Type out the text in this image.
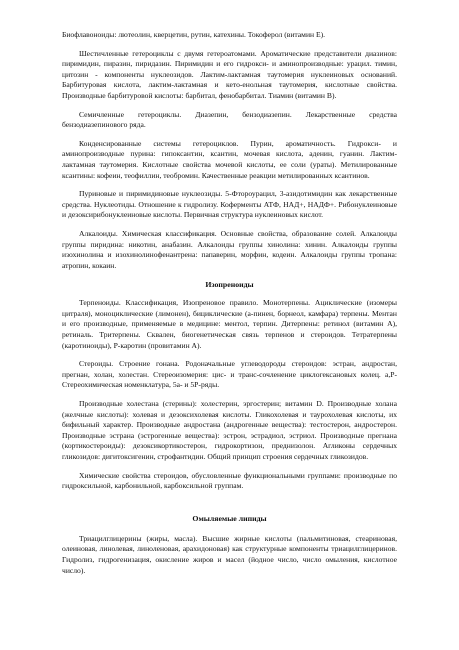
Биофлавоноиды: лютеолин, кверцетин, рутин, катехины. Токоферол (витамин Е).

Шестичленные гетероциклы с двумя гетероатомами. Ароматические представители диазинов: пиримидин, пиразин, пиридазин. Пиримидин и его гидрокси- и аминопроизводные: урацил. тимин, цитозин - компоненты нуклеозидов. Лактим-лактамная таутомерия нуклеиновых оснований. Барбитуровая кислота, лактим-лактамная и кето-енольная таутомерия, кислотные свойства. Производные барбитуровой кислоты: барбитал, фенобарбитал. Тиамин (витамин В).

Семичленные гетероциклы. Диазепин, бензодиазепин. Лекарственные средства бензодиазепинового ряда.

Конденсированные системы гетероциклов. Пурин, ароматичность. Гидрокси- и аминопроизводные пурина: гипоксантин, ксантин, мочевая кислота, аденин, гуанин. Лактим-лактамная таутомерия. Кислотные свойства мочевой кислоты, ее соли (ураты). Метилированные ксантины: кофеин, теофиллин, теобромин. Качественные реакции метилированных ксантинов.

Пуриновые и пиримидиновые нуклеозиды. 5-Фтороурацил, 3-азидотимидин как лекарственные средства. Нуклеотиды. Отношение к гидролизу. Коферменты АТФ, НАД+, НАДФ+. Рибонуклеиновые и дезоксирибонуклеиновые кислоты. Первичная структура нуклеиновых кислот.

Алкалоиды. Химическая классификация. Основные свойства, образование солей. Алкалоиды группы пиридина: никотин, анабазин. Алкалоиды группы хинолина: хинин. Алкалоиды группы изохинолина и изохинолинофенантрена: папаверин, морфин, кодеин. Алкалоиды группы тропана: атропин, кокаин.

Изопреноиды

Терпеноиды. Классификация, Изопреновое правило. Монотерпены. Ациклические (изомеры цитраля), моноциклические (лимонен), бициклические (а-пинен, борнеол, камфара) терпены. Ментан и его производные, применяемые в медицине: ментол, терпин. Дитерпены: ретинол (витамин А), ретиналь. Тритерпены. Сквален, биогенетическая связь терпенов и стероидов. Тетратерпены (каротиноиды), Р-каротин (провитамин А).

Стероиды. Строение гонана. Родоначальные углеводороды стероидов: эстран, андростан, прегнан, холан, холестан. Стереоизомерия: цис- и транс-сочленение циклогексановых колец. а,Р-Стереохимическая номенклатура, 5а- и 5Р-ряды.

Производные холестана (стерины): холестерин, эргостерин; витамин D. Производные холана (желчные кислоты): холевая и дезоксихолевая кислоты. Гликохолевая и таурохолевая кислоты, их бифильный характер. Производные андростана (андрогенные вещества): тестостерон, андростерон. Производные эстрана (эстрогенные вещества): эстрон, эстрадиол, эстриол. Производные прегнана (кортикостероиды): дезоксикортикостерон, гидрокортизон, преднизолон. Агликоны сердечных гликозидов: дигитоксигенин, строфантидин. Общий принцип строения сердечных гликозидов.

Химические свойства стероидов, обусловленные функциональными группами: производные по гидроксильной, карбонильной, карбоксильной группам.

Омыляемые липиды

Триацилглицерины (жиры, масла). Высшие жирные кислоты (пальмитиновая, стеариновая, олеиновая, линолевая, линоленовая, арахидоновая) как структурные компоненты триацилглицеринов. Гидролиз, гидрогенизация, окисление жиров и масел (йодное число, число омыления, кислотное число).
